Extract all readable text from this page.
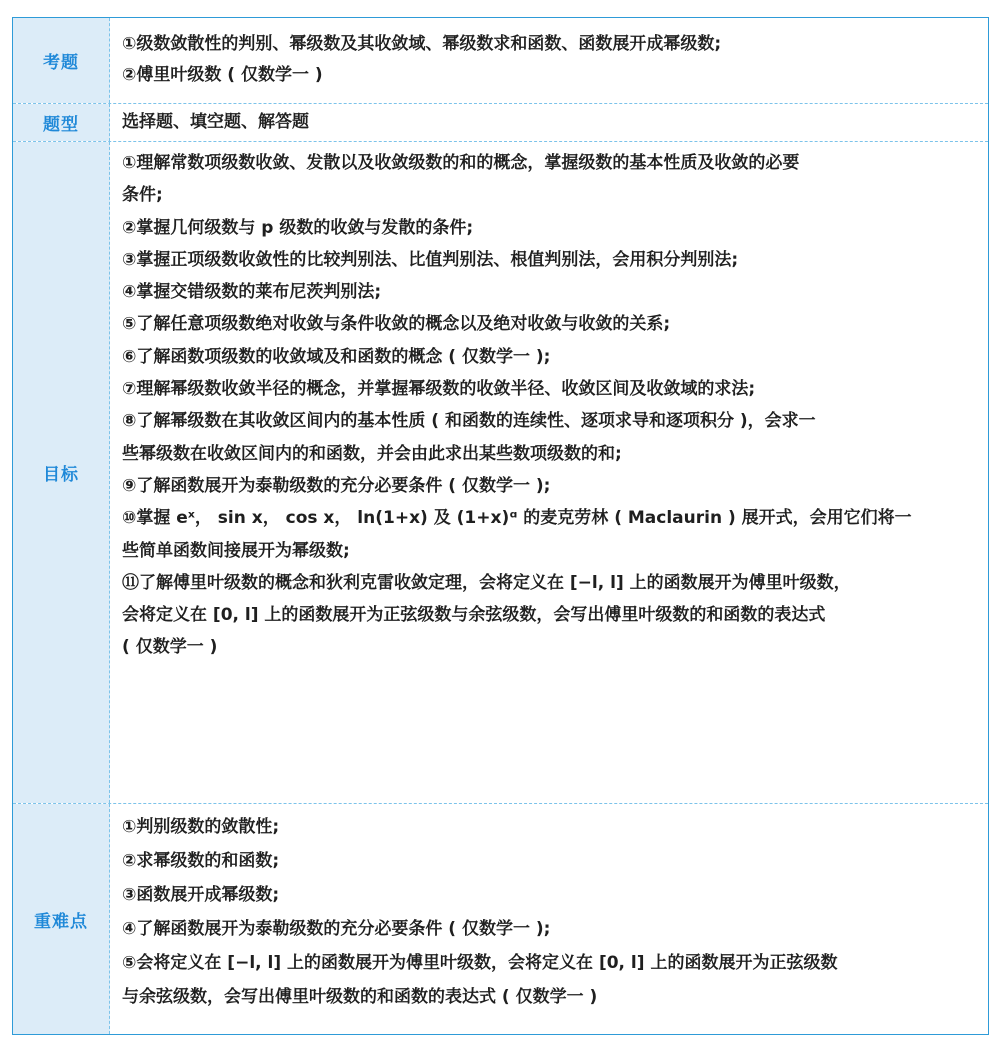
考题
①级数敛散性的判别、幂级数及其收敛域、幂级数求和函数、函数展开成幂级数;
②傅里叶级数 ( 仅数学一 )
题型	选择题、填空题、解答题
目标
①理解常数项级数收敛、发散以及收敛级数的和的概念，掌握级数的基本性质及收敛的必要
条件;
②掌握几何级数与 p 级数的收敛与发散的条件;
③掌握正项级数收敛性的比较判别法、比值判别法、根值判别法，会用积分判别法;
④掌握交错级数的莱布尼茨判别法;
⑤了解任意项级数绝对收敛与条件收敛的概念以及绝对收敛与收敛的关系;
⑥了解函数项级数的收敛域及和函数的概念 ( 仅数学一 );
⑦理解幂级数收敛半径的概念，并掌握幂级数的收敛半径、收敛区间及收敛域的求法;
⑧了解幂级数在其收敛区间内的基本性质 ( 和函数的连续性、逐项求导和逐项积分 )，会求一
些幂级数在收敛区间内的和函数，并会由此求出某些数项级数的和;
⑨了解函数展开为泰勒级数的充分必要条件 ( 仅数学一 );
⑩掌握 eˣ， sin x， cos x， ln(1+x) 及 (1+x)ᵅ 的麦克劳林 ( Maclaurin ) 展开式，会用它们将一
些简单函数间接展开为幂级数;
⑪了解傅里叶级数的概念和狄利克雷收敛定理，会将定义在 [−l, l] 上的函数展开为傅里叶级数，
会将定义在 [0, l] 上的函数展开为正弦级数与余弦级数，会写出傅里叶级数的和函数的表达式
( 仅数学一 )
重难点
①判别级数的敛散性;
②求幂级数的和函数;
③函数展开成幂级数;
④了解函数展开为泰勒级数的充分必要条件 ( 仅数学一 );
⑤会将定义在 [−l, l] 上的函数展开为傅里叶级数，会将定义在 [0, l] 上的函数展开为正弦级数
与余弦级数，会写出傅里叶级数的和函数的表达式 ( 仅数学一 )
